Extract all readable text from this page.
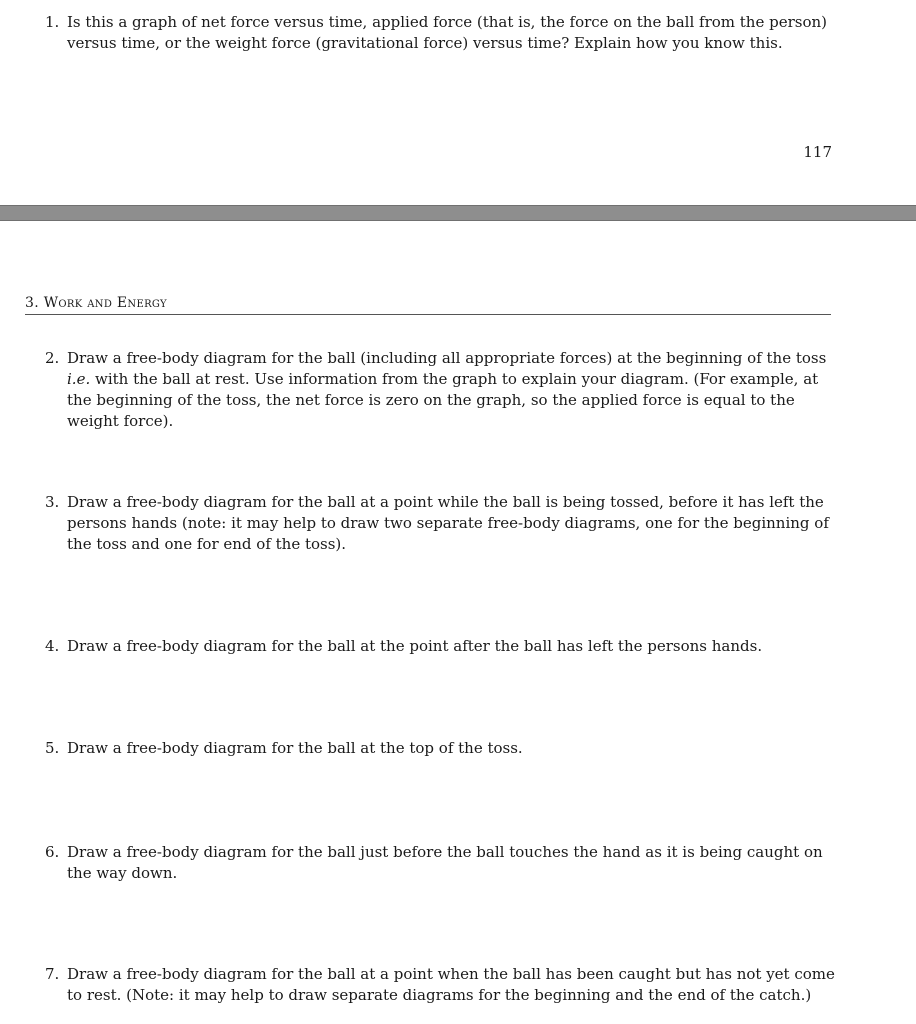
1. Is this a graph of net force versus time, applied force (that is, the force on the ball from the person) versus time, or the weight force (gravitational force) versus time? Explain how you know this.

117
3. Work and Energy

2. Draw a free-body diagram for the ball (including all appropriate forces) at the beginning of the toss i.e. with the ball at rest. Use information from the graph to explain your diagram. (For example, at the beginning of the toss, the net force is zero on the graph, so the applied force is equal to the weight force).

3. Draw a free-body diagram for the ball at a point while the ball is being tossed, before it has left the persons hands (note: it may help to draw two separate free-body diagrams, one for the beginning of the toss and one for end of the toss).

4. Draw a free-body diagram for the ball at the point after the ball has left the persons hands.

5. Draw a free-body diagram for the ball at the top of the toss.

6. Draw a free-body diagram for the ball just before the ball touches the hand as it is being caught on the way down.

7. Draw a free-body diagram for the ball at a point when the ball has been caught but has not yet come to rest. (Note: it may help to draw separate diagrams for the beginning and the end of the catch.)
